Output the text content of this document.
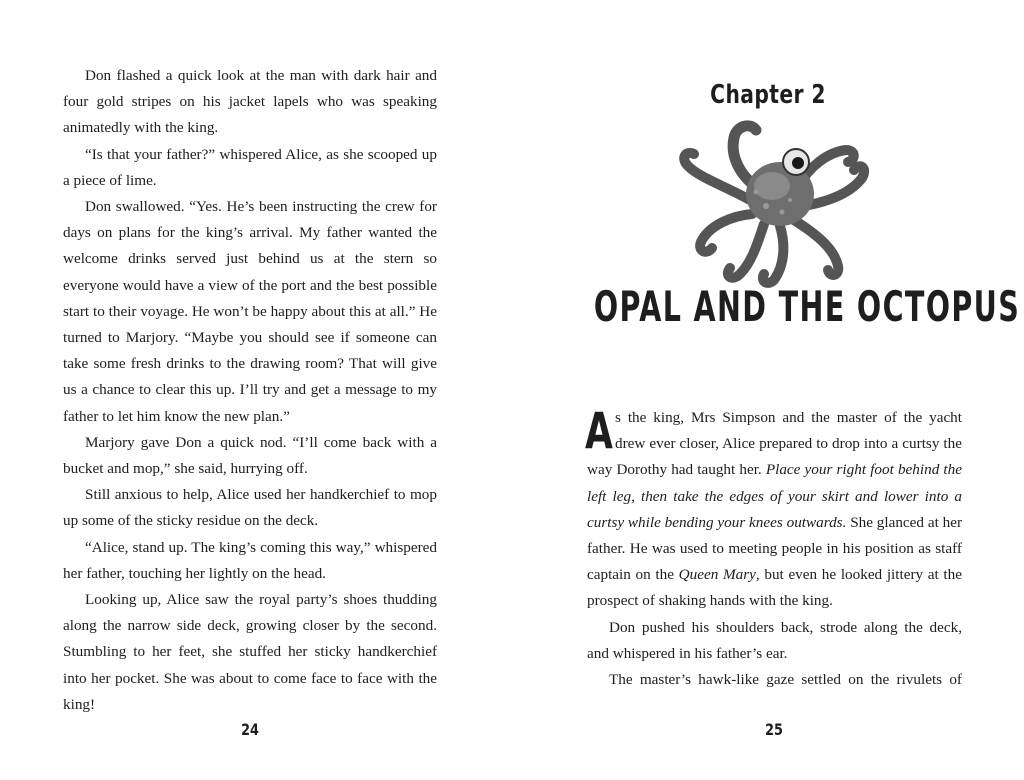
Don flashed a quick look at the man with dark hair and four gold stripes on his jacket lapels who was speaking animatedly with the king.

“Is that your father?” whispered Alice, as she scooped up a piece of lime.

Don swallowed. “Yes. He’s been instructing the crew for days on plans for the king’s arrival. My father wanted the welcome drinks served just behind us at the stern so everyone would have a view of the port and the best possible start to their voyage. He won’t be happy about this at all.” He turned to Marjory. “Maybe you should see if someone can take some fresh drinks to the drawing room? That will give us a chance to clear this up. I’ll try and get a message to my father to let him know the new plan.”

Marjory gave Don a quick nod. “I’ll come back with a bucket and mop,” she said, hurrying off.

Still anxious to help, Alice used her handkerchief to mop up some of the sticky residue on the deck.

“Alice, stand up. The king’s coming this way,” whispered her father, touching her lightly on the head.

Looking up, Alice saw the royal party’s shoes thudding along the narrow side deck, growing closer by the second. Stumbling to her feet, she stuffed her sticky handkerchief into her pocket. She was about to come face to face with the king!

24
Chapter 2
OPAL AND THE OCTOPUS

As the king, Mrs Simpson and the master of the yacht drew ever closer, Alice prepared to drop into a curtsy the way Dorothy had taught her. Place your right foot behind the left leg, then take the edges of your skirt and lower into a curtsy while bending your knees outwards. She glanced at her father. He was used to meeting people in his position as staff captain on the Queen Mary, but even he looked jittery at the prospect of shaking hands with the king.

Don pushed his shoulders back, strode along the deck, and whispered in his father’s ear.

The master’s hawk-like gaze settled on the rivulets of

25
